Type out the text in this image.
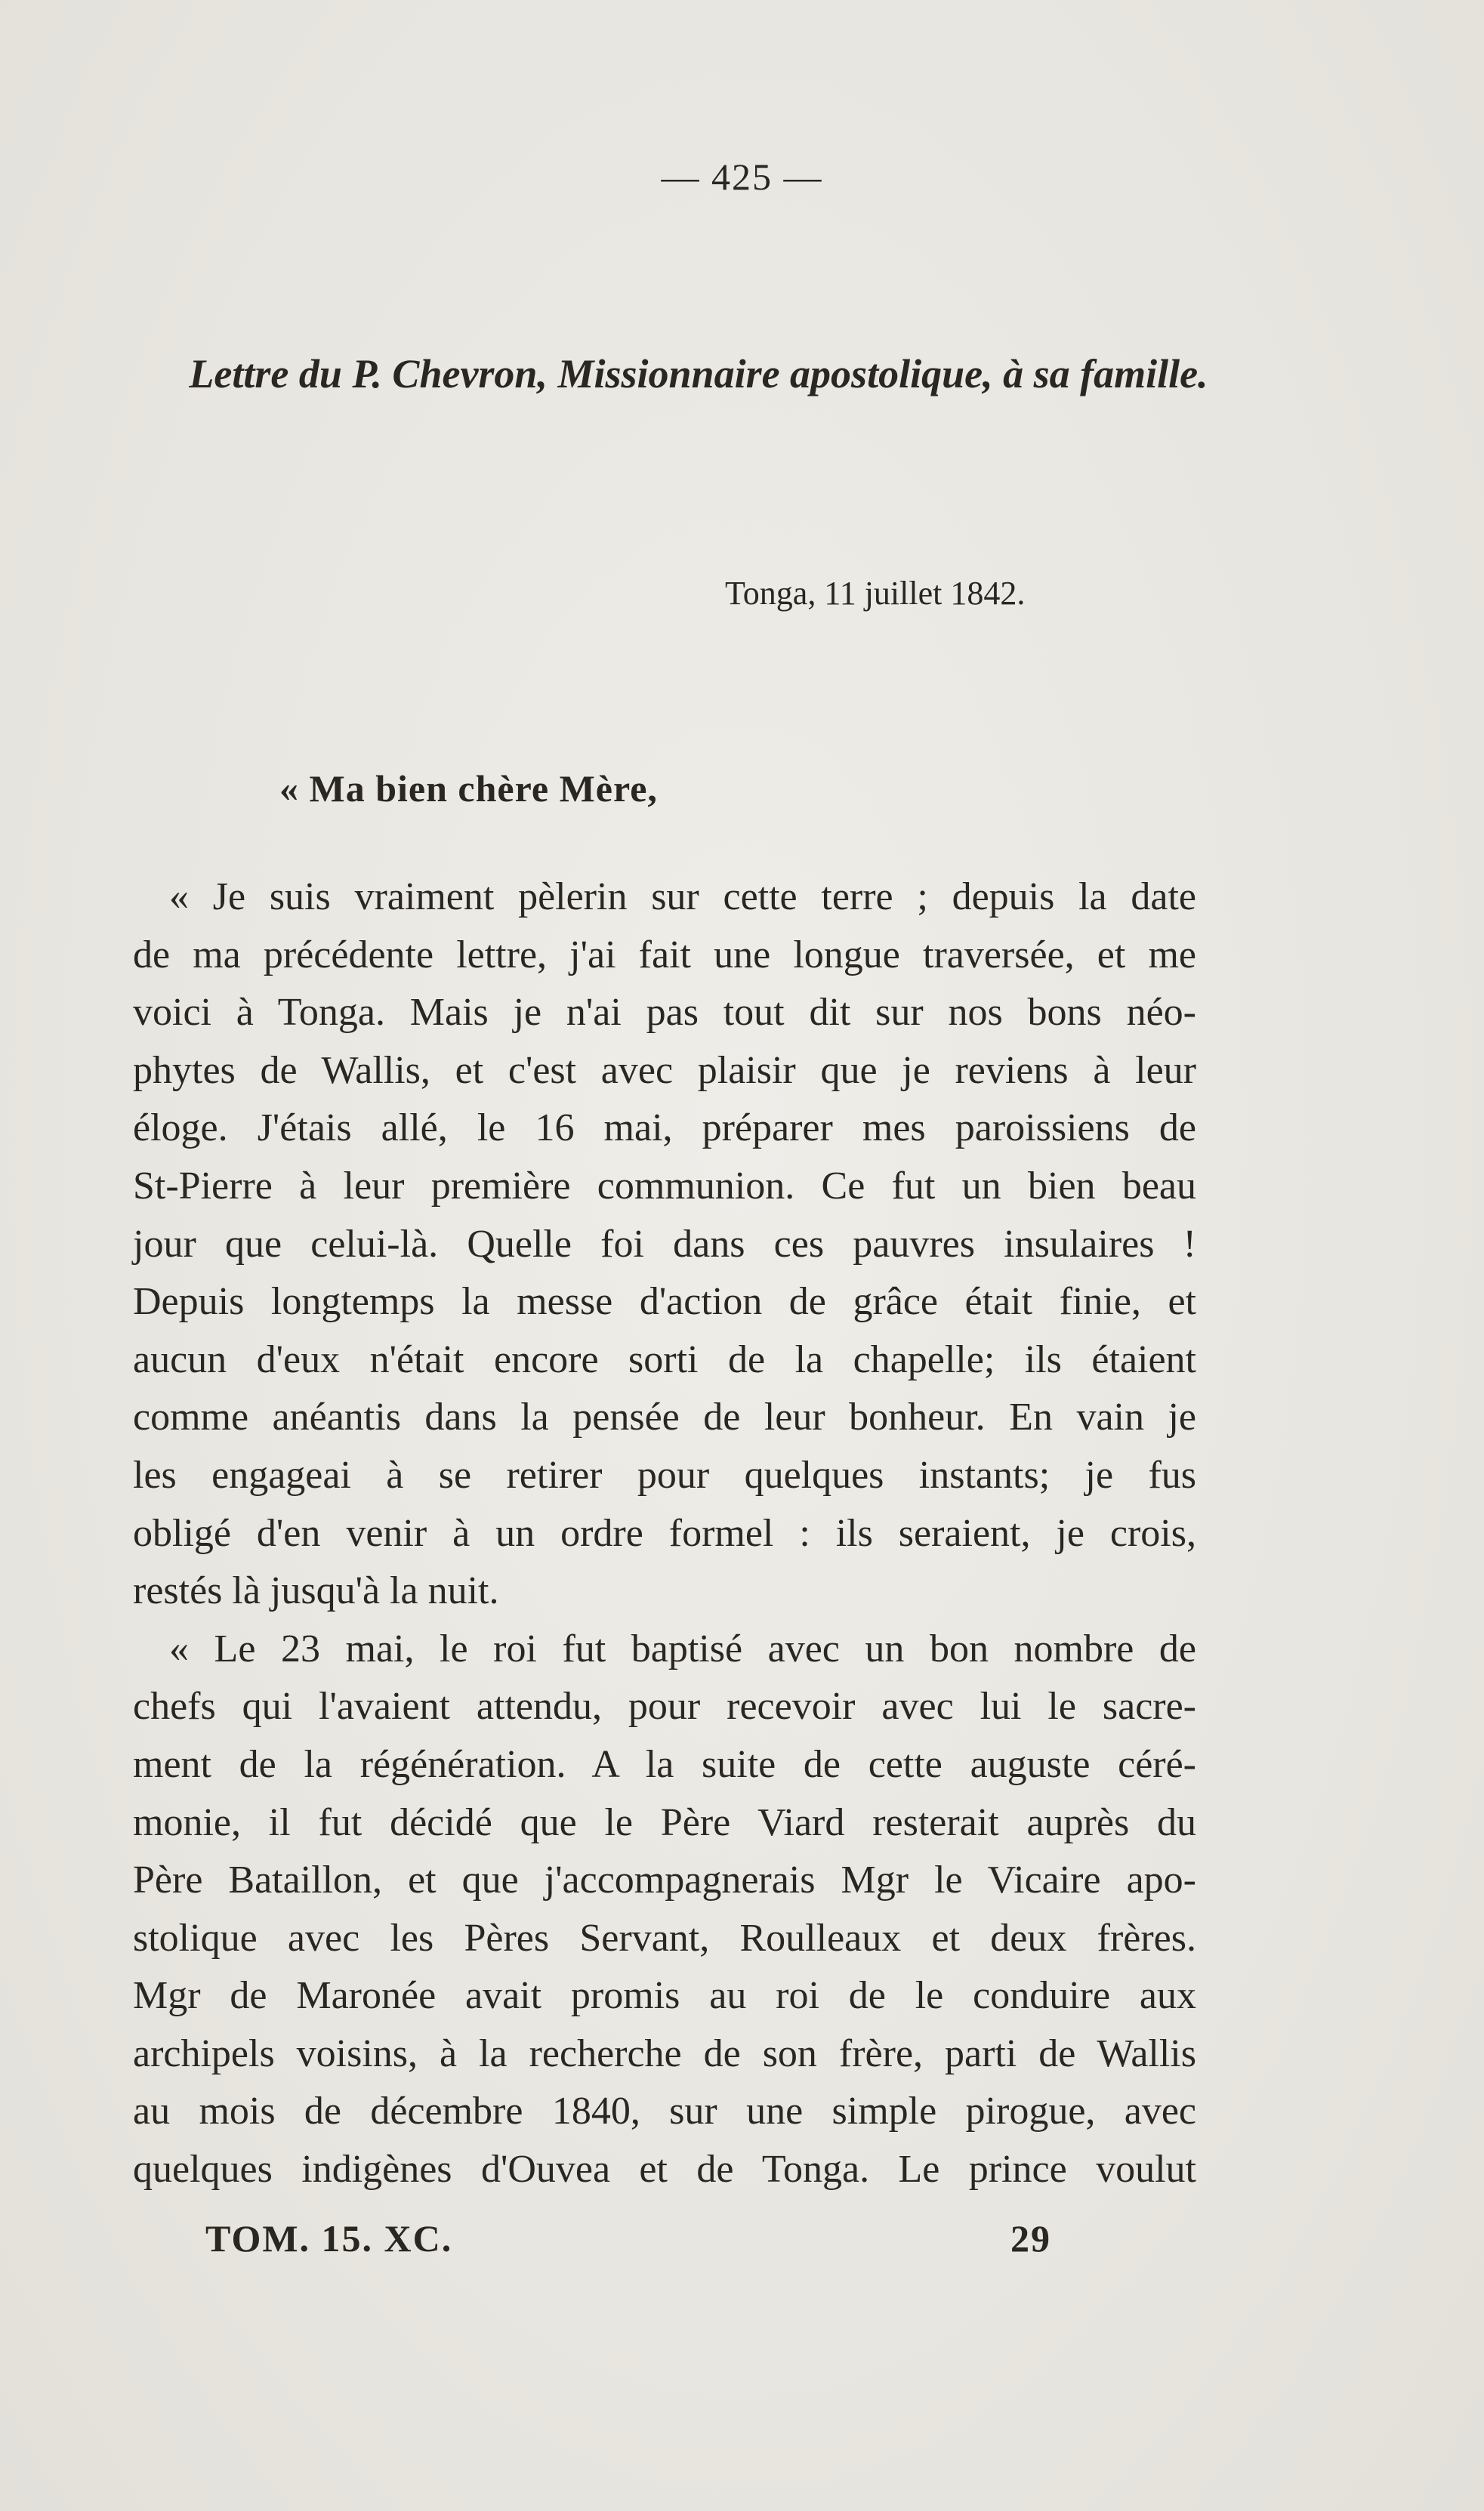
— 425 —
Lettre du P. Chevron, Missionnaire apostolique, à sa famille.
Tonga, 11 juillet 1842.
« Ma bien chère Mère,
« Je suis vraiment pèlerin sur cette terre ; depuis la date
de ma précédente lettre, j'ai fait une longue traversée, et me
voici à Tonga. Mais je n'ai pas tout dit sur nos bons néo-
phytes de Wallis, et c'est avec plaisir que je reviens à leur
éloge. J'étais allé, le 16 mai, préparer mes paroissiens de
St-Pierre à leur première communion. Ce fut un bien beau
jour que celui-là. Quelle foi dans ces pauvres insulaires !
Depuis longtemps la messe d'action de grâce était finie, et
aucun d'eux n'était encore sorti de la chapelle; ils étaient
comme anéantis dans la pensée de leur bonheur. En vain je
les engageai à se retirer pour quelques instants; je fus
obligé d'en venir à un ordre formel : ils seraient, je crois,
restés là jusqu'à la nuit.
« Le 23 mai, le roi fut baptisé avec un bon nombre de
chefs qui l'avaient attendu, pour recevoir avec lui le sacre-
ment de la régénération. A la suite de cette auguste céré-
monie, il fut décidé que le Père Viard resterait auprès du
Père Bataillon, et que j'accompagnerais Mgr le Vicaire apo-
stolique avec les Pères Servant, Roulleaux et deux frères.
Mgr de Maronée avait promis au roi de le conduire aux
archipels voisins, à la recherche de son frère, parti de Wallis
au mois de décembre 1840, sur une simple pirogue, avec
quelques indigènes d'Ouvea et de Tonga. Le prince voulut
TOM. 15. XC.	29
